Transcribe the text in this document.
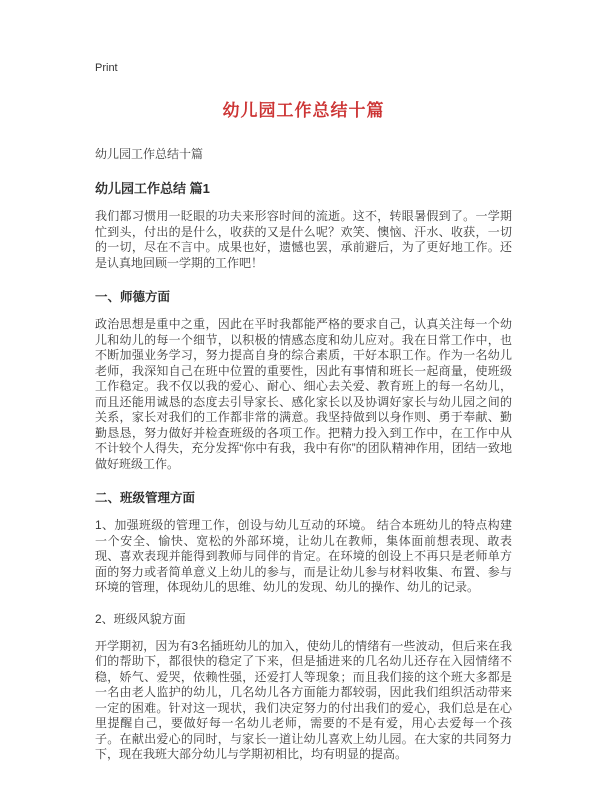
Print
幼儿园工作总结十篇
幼儿园工作总结十篇
幼儿园工作总结 篇1

我们都习惯用一眨眼的功夫来形容时间的流逝。这不，转眼暑假到了。一学期忙到头，付出的是什么，收获的又是什么呢？欢笑、懊恼、汗水、收获，一切的一切，尽在不言中。成果也好，遗憾也罢，承前避后，为了更好地工作。还是认真地回顾一学期的工作吧！

一、师德方面

政治思想是重中之重，因此在平时我都能严格的要求自己，认真关注每一个幼儿和幼儿的每一个细节，以积极的情感态度和幼儿应对。我在日常工作中，也不断加强业务学习，努力提高自身的综合素质，干好本职工作。作为一名幼儿老师，我深知自己在班中位置的重要性，因此有事情和班长一起商量，使班级工作稳定。我不仅以我的爱心、耐心、细心去关爱、教育班上的每一名幼儿，而且还能用诚恳的态度去引导家长、感化家长以及协调好家长与幼儿园之间的关系，家长对我们的工作都非常的满意。我坚持做到以身作则、勇于奉献、勤勤恳恳，努力做好并检查班级的各项工作。把精力投入到工作中，在工作中从不计较个人得失，充分发挥“你中有我，我中有你”的团队精神作用，团结一致地做好班级工作。

二、班级管理方面

1、加强班级的管理工作，创设与幼儿互动的环境。 结合本班幼儿的特点构建一个安全、愉快、宽松的外部环境，让幼儿在教师，集体面前想表现、敢表现、喜欢表现并能得到教师与同伴的肯定。在环境的创设上不再只是老师单方面的努力或者简单意义上幼儿的参与，而是让幼儿参与材料收集、布置、参与环境的管理，体现幼儿的思维、幼儿的发现、幼儿的操作、幼儿的记录。

2、班级风貌方面

开学期初，因为有3名插班幼儿的加入，使幼儿的情绪有一些波动，但后来在我们的帮助下，都很快的稳定了下来，但是插进来的几名幼儿还存在入园情绪不稳，娇气、爱哭，依赖性强，还爱打人等现象；而且我们接的这个班大多都是一名由老人监护的幼儿，几名幼儿各方面能力都较弱，因此我们组织活动带来一定的困难。针对这一现状，我们决定努力的付出我们的爱心，我们总是在心里提醒自己，要做好每一名幼儿老师，需要的不是有爱，用心去爱每一个孩子。在献出爱心的同时，与家长一道让幼儿喜欢上幼儿园。在大家的共同努力下，现在我班大部分幼儿与学期初相比，均有明显的提高。
